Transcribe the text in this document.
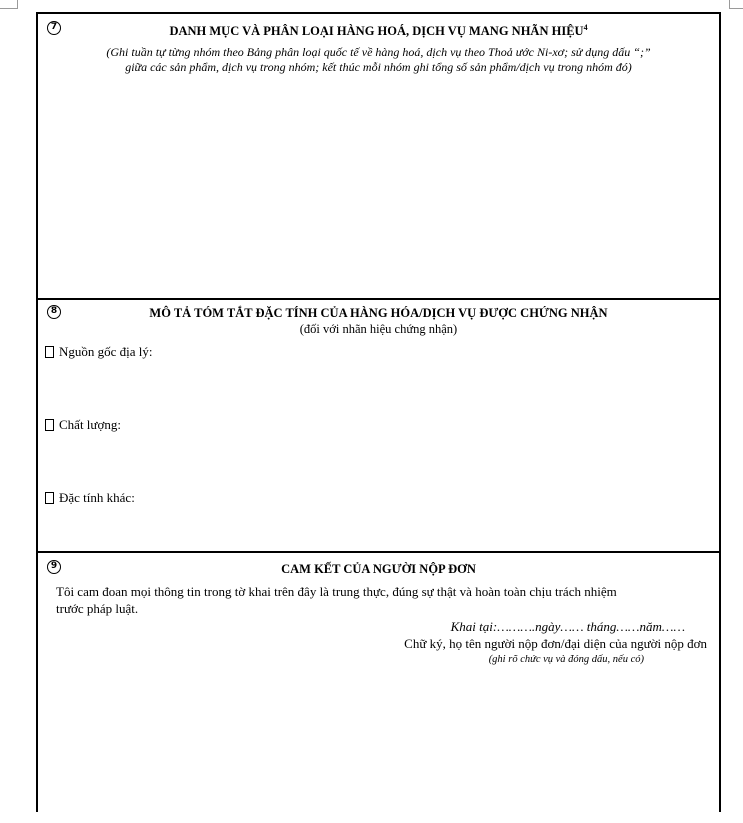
7	DANH MỤC VÀ PHÂN LOẠI HÀNG HOÁ, DỊCH VỤ MANG NHÃN HIỆU$^4$
(Ghi tuần tự từng nhóm theo Bảng phân loại quốc tế về hàng hoá, dịch vụ theo Thoả ước Ni-xơ; sử dụng dấu “;”
giữa các sản phẩm, dịch vụ trong nhóm; kết thúc mỗi nhóm ghi tổng số sản phẩm/dịch vụ trong nhóm đó)
8	MÔ TẢ TÓM TẮT ĐẶC TÍNH CỦA HÀNG HÓA/DỊCH VỤ ĐƯỢC CHỨNG NHẬN
(đối với nhãn hiệu chứng nhận)
Nguồn gốc địa lý:
Chất lượng:
Đặc tính khác:
9	CAM KẾT CỦA NGƯỜI NỘP ĐƠN
Tôi cam đoan mọi thông tin trong tờ khai trên đây là trung thực, đúng sự thật và hoàn toàn chịu trách nhiệm
trước pháp luật.
Khai tại:……….ngày…… tháng……năm……
Chữ ký, họ tên người nộp đơn/đại diện của người nộp đơn
(ghi rõ chức vụ và đóng dấu, nếu có)
